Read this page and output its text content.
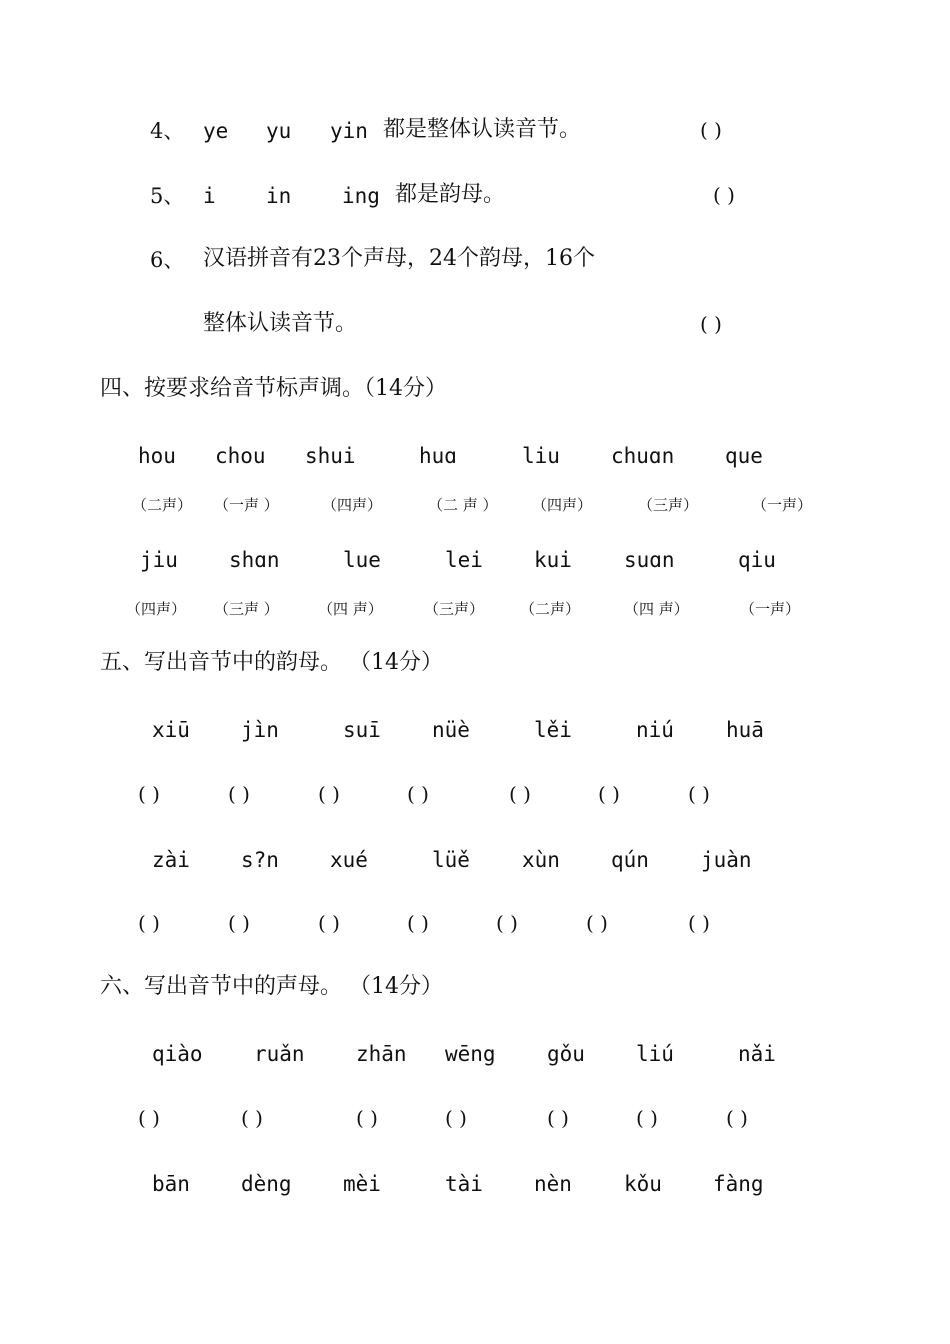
4、 ye yu yin 都是整体认读音节。	( )
5、 i in ing 都是韵母。	( )
6、 汉语拼音有23个声母，24个韵母，16个
整体认读音节。	( )
四、按要求给音节标声调。（14分）
hou chou shui	huɑ	liu chuɑn que
（二声） （一声 ）	（四声）	（二 声 ） （四声）	（三声）	（一声）
jiu shɑn	lue	lei kui suɑn	qiu
（四声） （三声 ）	（四 声）	（三声） （二声）	（四 声）	（一声）
五、写出音节中的韵母。 （14分）
xiū jìn	suī nüè	lěi	niú huā
( )	( )	( )	( )	( )	( )	( )
zài s?n xué	lüě xùn qún juàn
( )	( )	( )	( )	( )	( )	( )
六、写出音节中的声母。 （14分）
qiào ruǎn zhān wēng gǒu liú	nǎi
( )	( )	( )	( )	( )	( )	( )
bān dèng mèi	tài nèn kǒu fàng
